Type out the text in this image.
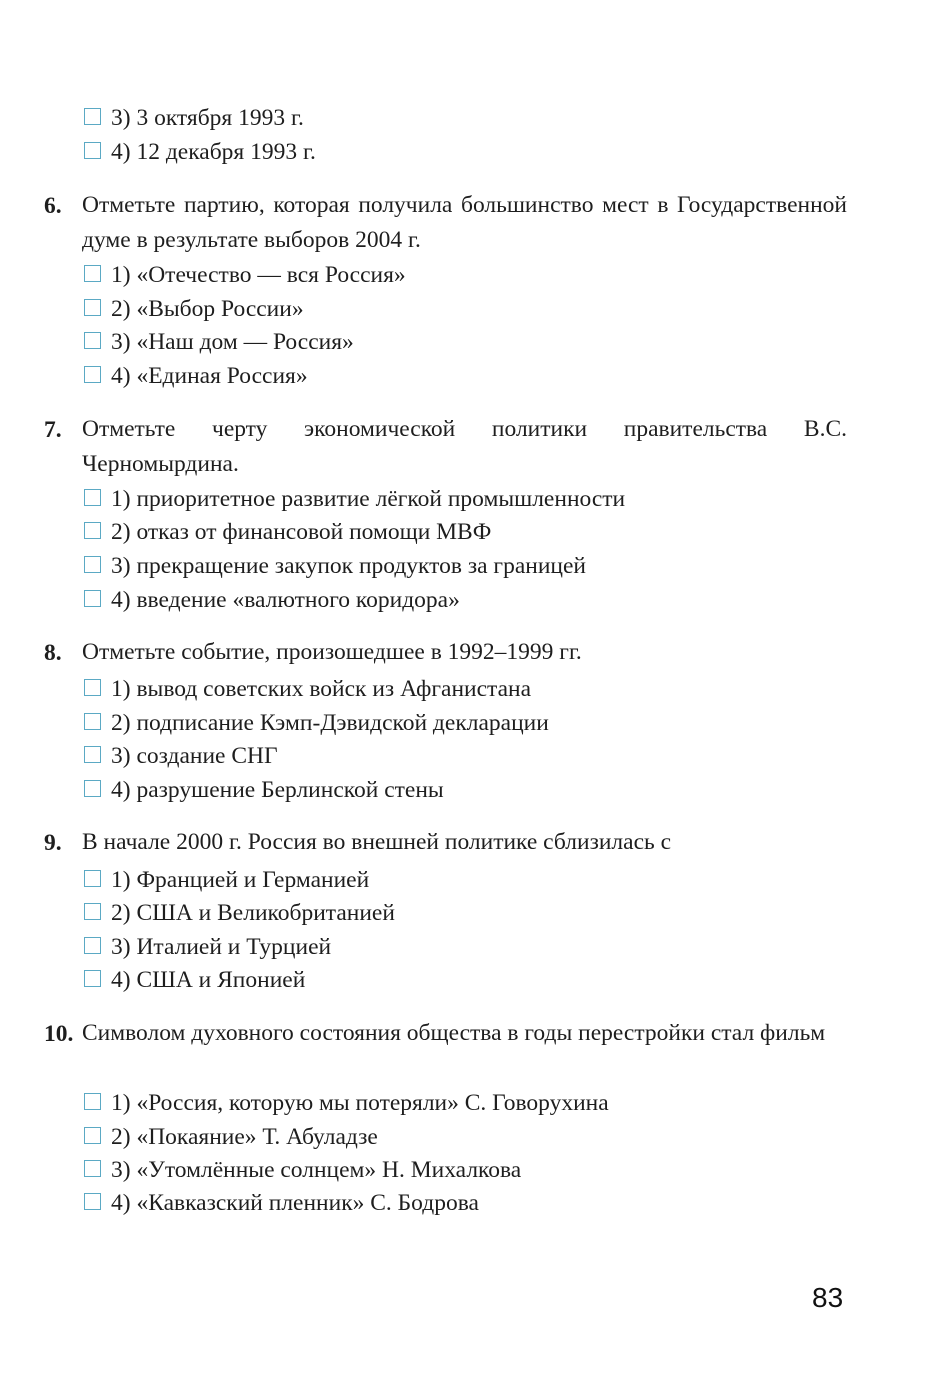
3) 3 октября 1993 г.
4) 12 декабря 1993 г.
6. Отметьте партию, которая получила большинство мест в Государственной думе в результате выборов 2004 г.
1) «Отечество — вся Россия»
2) «Выбор России»
3) «Наш дом — Россия»
4) «Единая Россия»
7. Отметьте черту экономической политики правительства В.С. Черномырдина.
1) приоритетное развитие лёгкой промышленности
2) отказ от финансовой помощи МВФ
3) прекращение закупок продуктов за границей
4) введение «валютного коридора»
8. Отметьте событие, произошедшее в 1992–1999 гг.
1) вывод советских войск из Афганистана
2) подписание Кэмп-Дэвидской декларации
3) создание СНГ
4) разрушение Берлинской стены
9. В начале 2000 г. Россия во внешней политике сблизилась с
1) Францией и Германией
2) США и Великобританией
3) Италией и Турцией
4) США и Японией
10. Символом духовного состояния общества в годы перестройки стал фильм
1) «Россия, которую мы потеряли» С. Говорухина
2) «Покаяние» Т. Абуладзе
3) «Утомлённые солнцем» Н. Михалкова
4) «Кавказский пленник» С. Бодрова
83
